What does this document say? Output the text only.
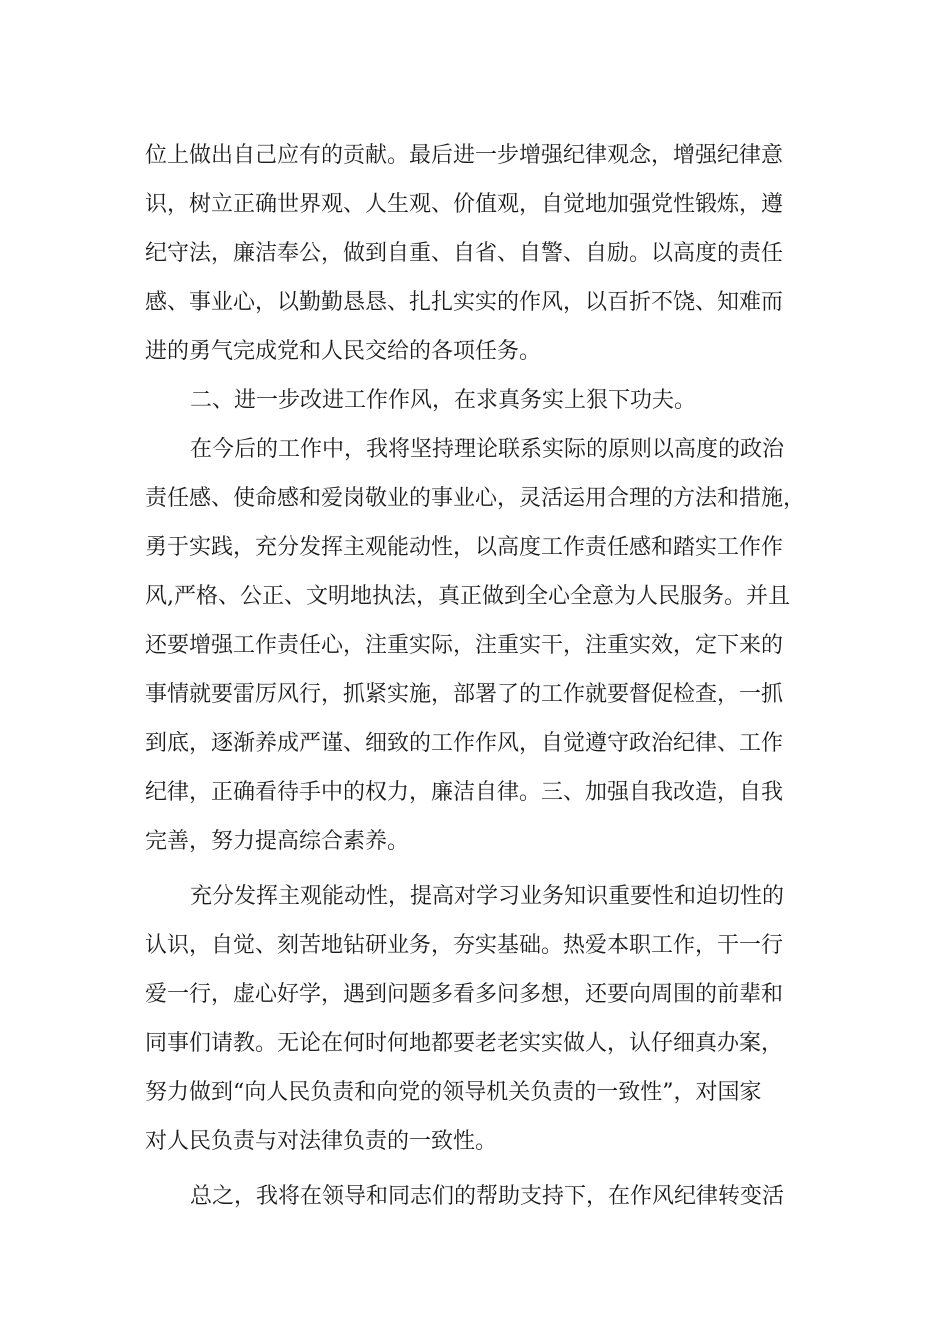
位上做出自己应有的贡献。最后进一步增强纪律观念，增强纪律意
识，树立正确世界观、人生观、价值观，自觉地加强党性锻炼，遵
纪守法，廉洁奉公，做到自重、自省、自警、自励。以高度的责任
感、事业心，以勤勤恳恳、扎扎实实的作风，以百折不饶、知难而
进的勇气完成党和人民交给的各项任务。
二、进一步改进工作作风，在求真务实上狠下功夫。
在今后的工作中，我将坚持理论联系实际的原则以高度的政治
责任感、使命感和爱岗敬业的事业心，灵活运用合理的方法和措施，
勇于实践，充分发挥主观能动性，以高度工作责任感和踏实工作作
风,严格、公正、文明地执法，真正做到全心全意为人民服务。并且
还要增强工作责任心，注重实际，注重实干，注重实效，定下来的
事情就要雷厉风行，抓紧实施，部署了的工作就要督促检查，一抓
到底，逐渐养成严谨、细致的工作作风，自觉遵守政治纪律、工作
纪律，正确看待手中的权力，廉洁自律。三、加强自我改造，自我
完善，努力提高综合素养。
充分发挥主观能动性，提高对学习业务知识重要性和迫切性的
认识，自觉、刻苦地钻研业务，夯实基础。热爱本职工作，干一行
爱一行，虚心好学，遇到问题多看多问多想，还要向周围的前辈和
同事们请教。无论在何时何地都要老老实实做人，认仔细真办案，
努力做到“向人民负责和向党的领导机关负责的一致性”，对国家
对人民负责与对法律负责的一致性。
总之，我将在领导和同志们的帮助支持下，在作风纪律转变活
